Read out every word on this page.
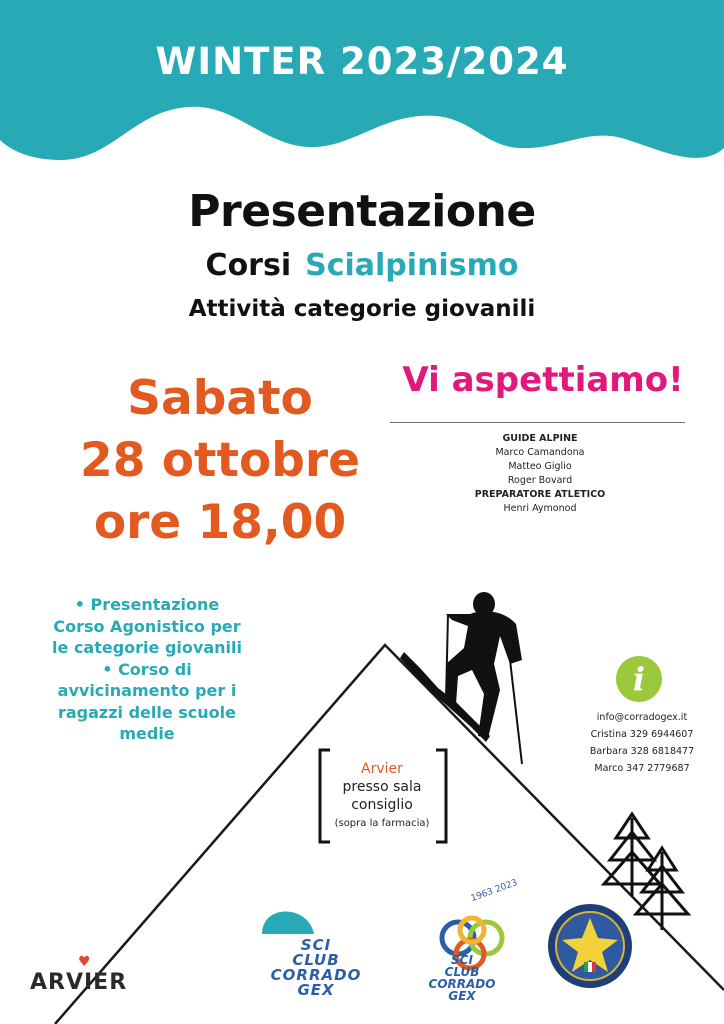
WINTER 2023/2024
Presentazione
Corsi Scialpinismo
Attività categorie giovanili
Sabato
28 ottobre
ore 18,00
Vi aspettiamo!
GUIDE ALPINE
Marco Camandona
Matteo Giglio
Roger Bovard
PREPARATORE ATLETICO
Henri Aymonod
• Presentazione Corso Agonistico per le categorie giovanili
• Corso di avvicinamento per i ragazzi delle scuole medie
Arvier
presso sala consiglio
(sopra la farmacia)
i
info@corradogex.it
Cristina 329 6944607
Barbara 328 6818477
Marco 347 2779687
♥
ARVIER
SCI
CLUB
CORRADO
GEX
1963 2023
SCI
CLUB
CORRADO
GEX
